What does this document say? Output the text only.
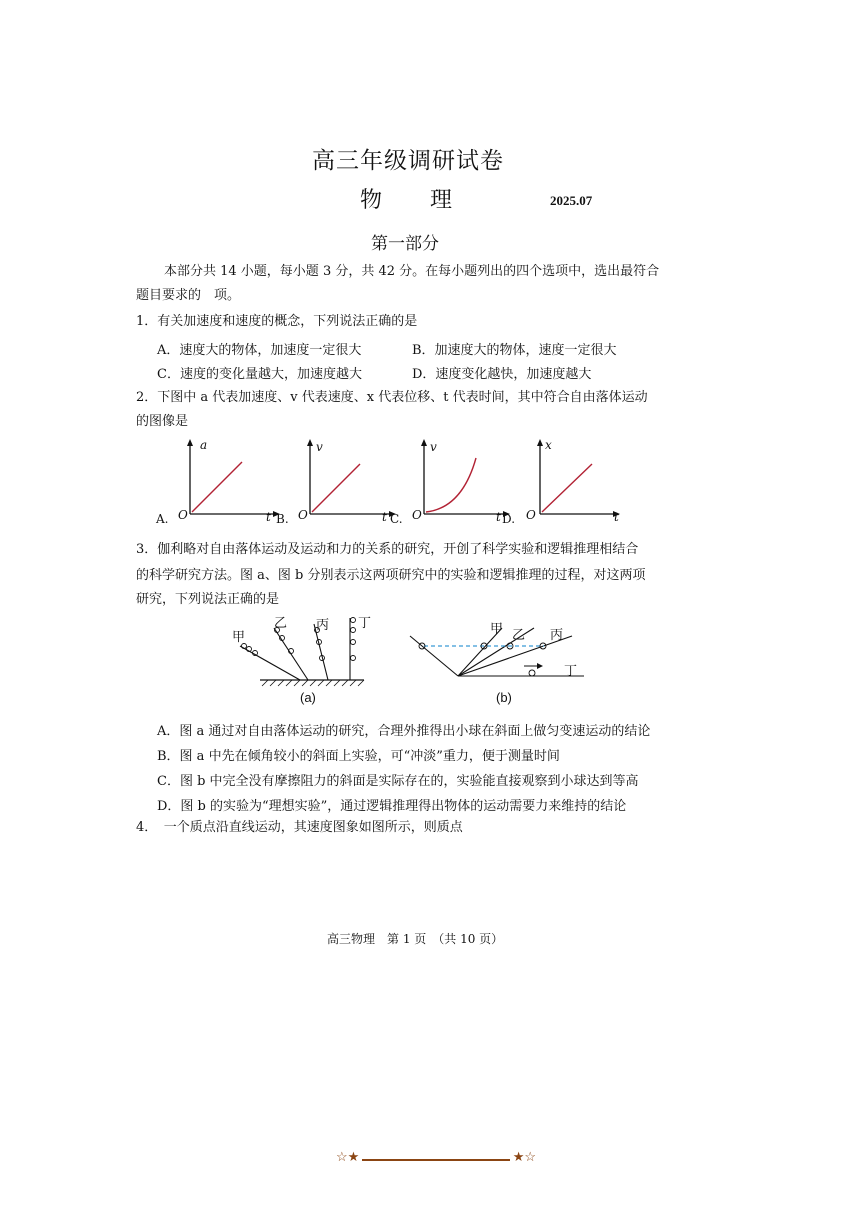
高三年级调研试卷
物 理	2025.07
第一部分
本部分共 14 小题，每小题 3 分，共 42 分。在每小题列出的四个选项中，选出最符合
题目要求的　项。
1．有关加速度和速度的概念，下列说法正确的是
A．速度大的物体，加速度一定很大	B．加速度大的物体，速度一定很大
C．速度的变化量越大，加速度越大	D．速度变化越快，加速度越大
2．下图中 a 代表加速度、v 代表速度、x 代表位移、t 代表时间，其中符合自由落体运动
的图像是
A.
a
O	t B.
v
O	t C.
v
O	t D.
x
O	t
3．伽利略对自由落体运动及运动和力的关系的研究，开创了科学实验和逻辑推理相结合
的科学研究方法。图 a、图 b 分别表示这两项研究中的实验和逻辑推理的过程，对这两项
研究，下列说法正确的是
甲
乙 丙 丁
(a)
甲 乙 丙
丁
(b)
A．图 a 通过对自由落体运动的研究，合理外推得出小球在斜面上做匀变速运动的结论
B．图 a 中先在倾角较小的斜面上实验，可“冲淡”重力，便于测量时间
C．图 b 中完全没有摩擦阻力的斜面是实际存在的，实验能直接观察到小球达到等高
D．图 b 的实验为“理想实验”，通过逻辑推理得出物体的运动需要力来维持的结论
4．　一个质点沿直线运动，其速度图象如图所示，则质点
高三物理　第 1 页　（共 10 页）
☆★	★☆
